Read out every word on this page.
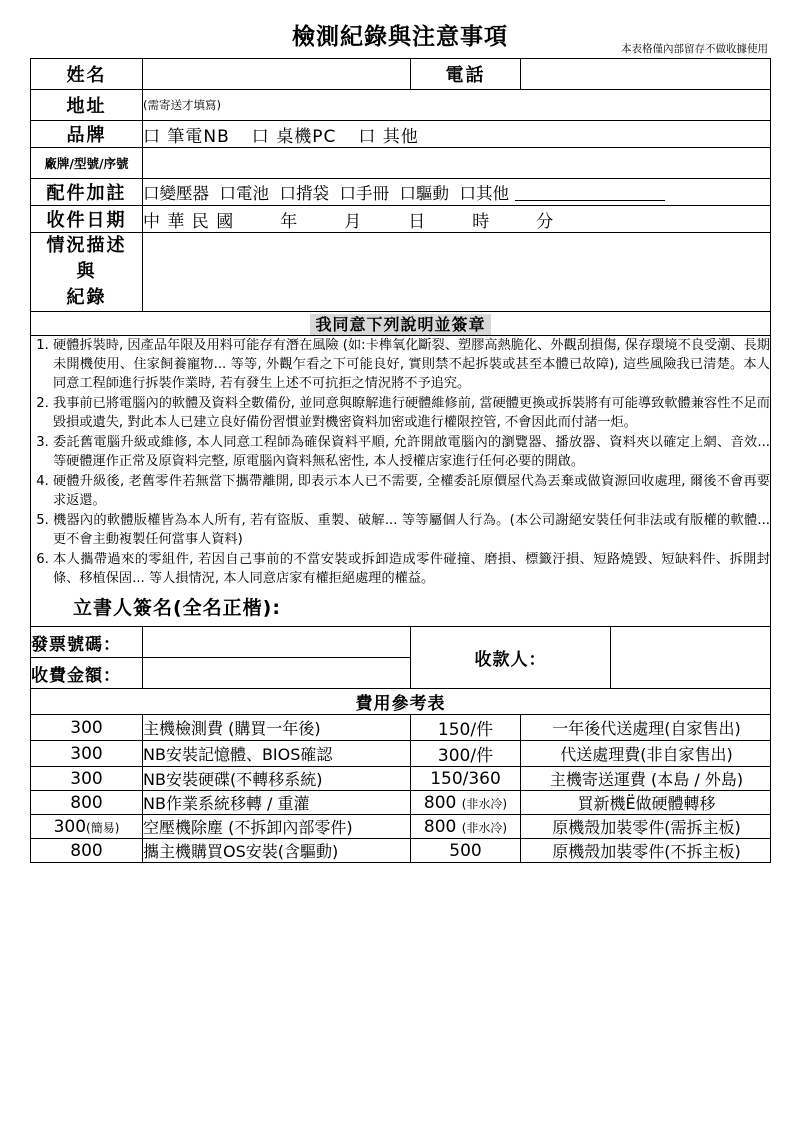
檢測紀錄與注意事項	本表格僅內部留存不做收據使用
姓名		電話		
地址	(需寄送才填寫)			
品牌	口 筆電NB 口 桌機PC 口 其他			
廠牌/型號/序號				
配件加註	口變壓器 口電池 口揹袋 口手冊 口驅動 口其他			
收件日期	中 華 民 國 年 月 日 時 分			

情況描述
與
紀錄				

我同意下列說明並簽章				

1. 硬體拆裝時, 因產品年限及用料可能存有潛在風險 (如:卡榫氧化斷裂、塑膠高熱脆化、外觀刮損傷, 保存環境不良受潮、長期未開機使用、住家飼養寵物... 等等, 外觀乍看之下可能良好, 實則禁不起拆裝或甚至本體已故障), 這些風險我已清楚。本人同意工程師進行拆裝作業時, 若有發生上述不可抗拒之情況將不予追究。
2. 我事前已將電腦內的軟體及資料全數備份, 並同意與瞭解進行硬體維修前, 當硬體更換或拆裝將有可能導致軟體兼容性不足而毀損或遺失, 對此本人已建立良好備份習慣並對機密資料加密或進行權限控管, 不會因此而付諸一炬。
3. 委託舊電腦升級或維修, 本人同意工程師為確保資料平順, 允許開啟電腦內的瀏覽器、播放器、資料夾以確定上網、音效... 等硬體運作正常及原資料完整, 原電腦內資料無私密性, 本人授權店家進行任何必要的開啟。
4. 硬體升級後, 老舊零件若無當下攜帶離開, 即表示本人已不需要, 全權委託原價屋代為丟棄或做資源回收處理, 爾後不會再要求返還。
5. 機器內的軟體版權皆為本人所有, 若有盜版、重製、破解... 等等屬個人行為。(本公司謝絕安裝任何非法或有版權的軟體... 更不會主動複製任何當事人資料)
6. 本人攜帶過來的零組件, 若因自己事前的不當安裝或拆卸造成零件碰撞、磨損、標籤汙損、短路燒毀、短缺料件、拆開封條、移植保固... 等人損情況, 本人同意店家有權拒絕處理的權益。
立書人簽名(全名正楷):

發票號碼：		收款人：		
收費金額：				
費用參考表				
300	主機檢測費 (購買一年後)	150/件	一年後代送處理(自家售出)	
300	NB安裝記憶體、BIOS確認	300/件	代送處理費(非自家售出)	
300	NB安裝硬碟(不轉移系統)	150/360	主機寄送運費 (本島 / 外島)	
800	NB作業系統移轉 / 重灌	800 (非水冷)	買新機Ё做硬體轉移	
300(簡易)	空壓機除塵 (不拆卸內部零件)	800 (非水冷)	原機殼加裝零件(需拆主板)	
800	攜主機購買OS安裝(含驅動)	500	原機殼加裝零件(不拆主板)	
